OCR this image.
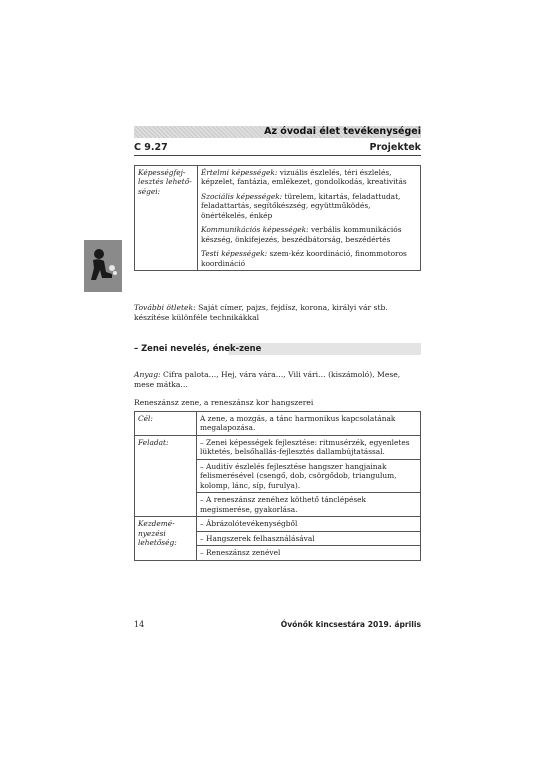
Az óvodai élet tevékenységei
C 9.27	Projektek
Képességfej-lesztés lehető-ségei:	

Értelmi képességek: vizuális észlelés, téri észlelés, képzelet, fantázia, emlékezet, gondolkodás, kreativitás

Szociális képességek: türelem, kitartás, feladattudat, feladattartás, segítőkészség, együttműködés, önértékelés, énkép

Kommunikációs képességek: verbális kommunikációs készség, önkifejezés, beszédbátorság, beszédértés

Testi képességek: szem-kéz koordináció, finommotoros koordináció

További ötletek: Saját címer, pajzs, fejdísz, korona, királyi vár stb. készítése különféle technikákkal
– Zenei nevelés, ének-zene
Anyag: Cifra palota…, Hej, vára vára…, Vili vári… (kiszámoló), Mese, mese mátka…
Reneszánsz zene, a reneszánsz kor hangszerei
Cél:	A zene, a mozgás, a tánc harmonikus kapcsolatának megalapozása.
Feladat:	– Zenei képességek fejlesztése: ritmusérzék, egyenletes lüktetés, belsőhallás-fejlesztés dallambújtatással.
– Auditív észlelés fejlesztése hangszer hangjainak felismerésével (csengő, dob, csörgődob, triangulum, kolomp, lánc, síp, furulya).
– A reneszánsz zenéhez köthető tánclépések megismerése, gyakorlása.

Kezdemé-nyezési lehetőség:	– Ábrázolótevékenységből
– Hangszerek felhasználásával
– Reneszánsz zenével
14	Óvónők kincsestára 2019. április
